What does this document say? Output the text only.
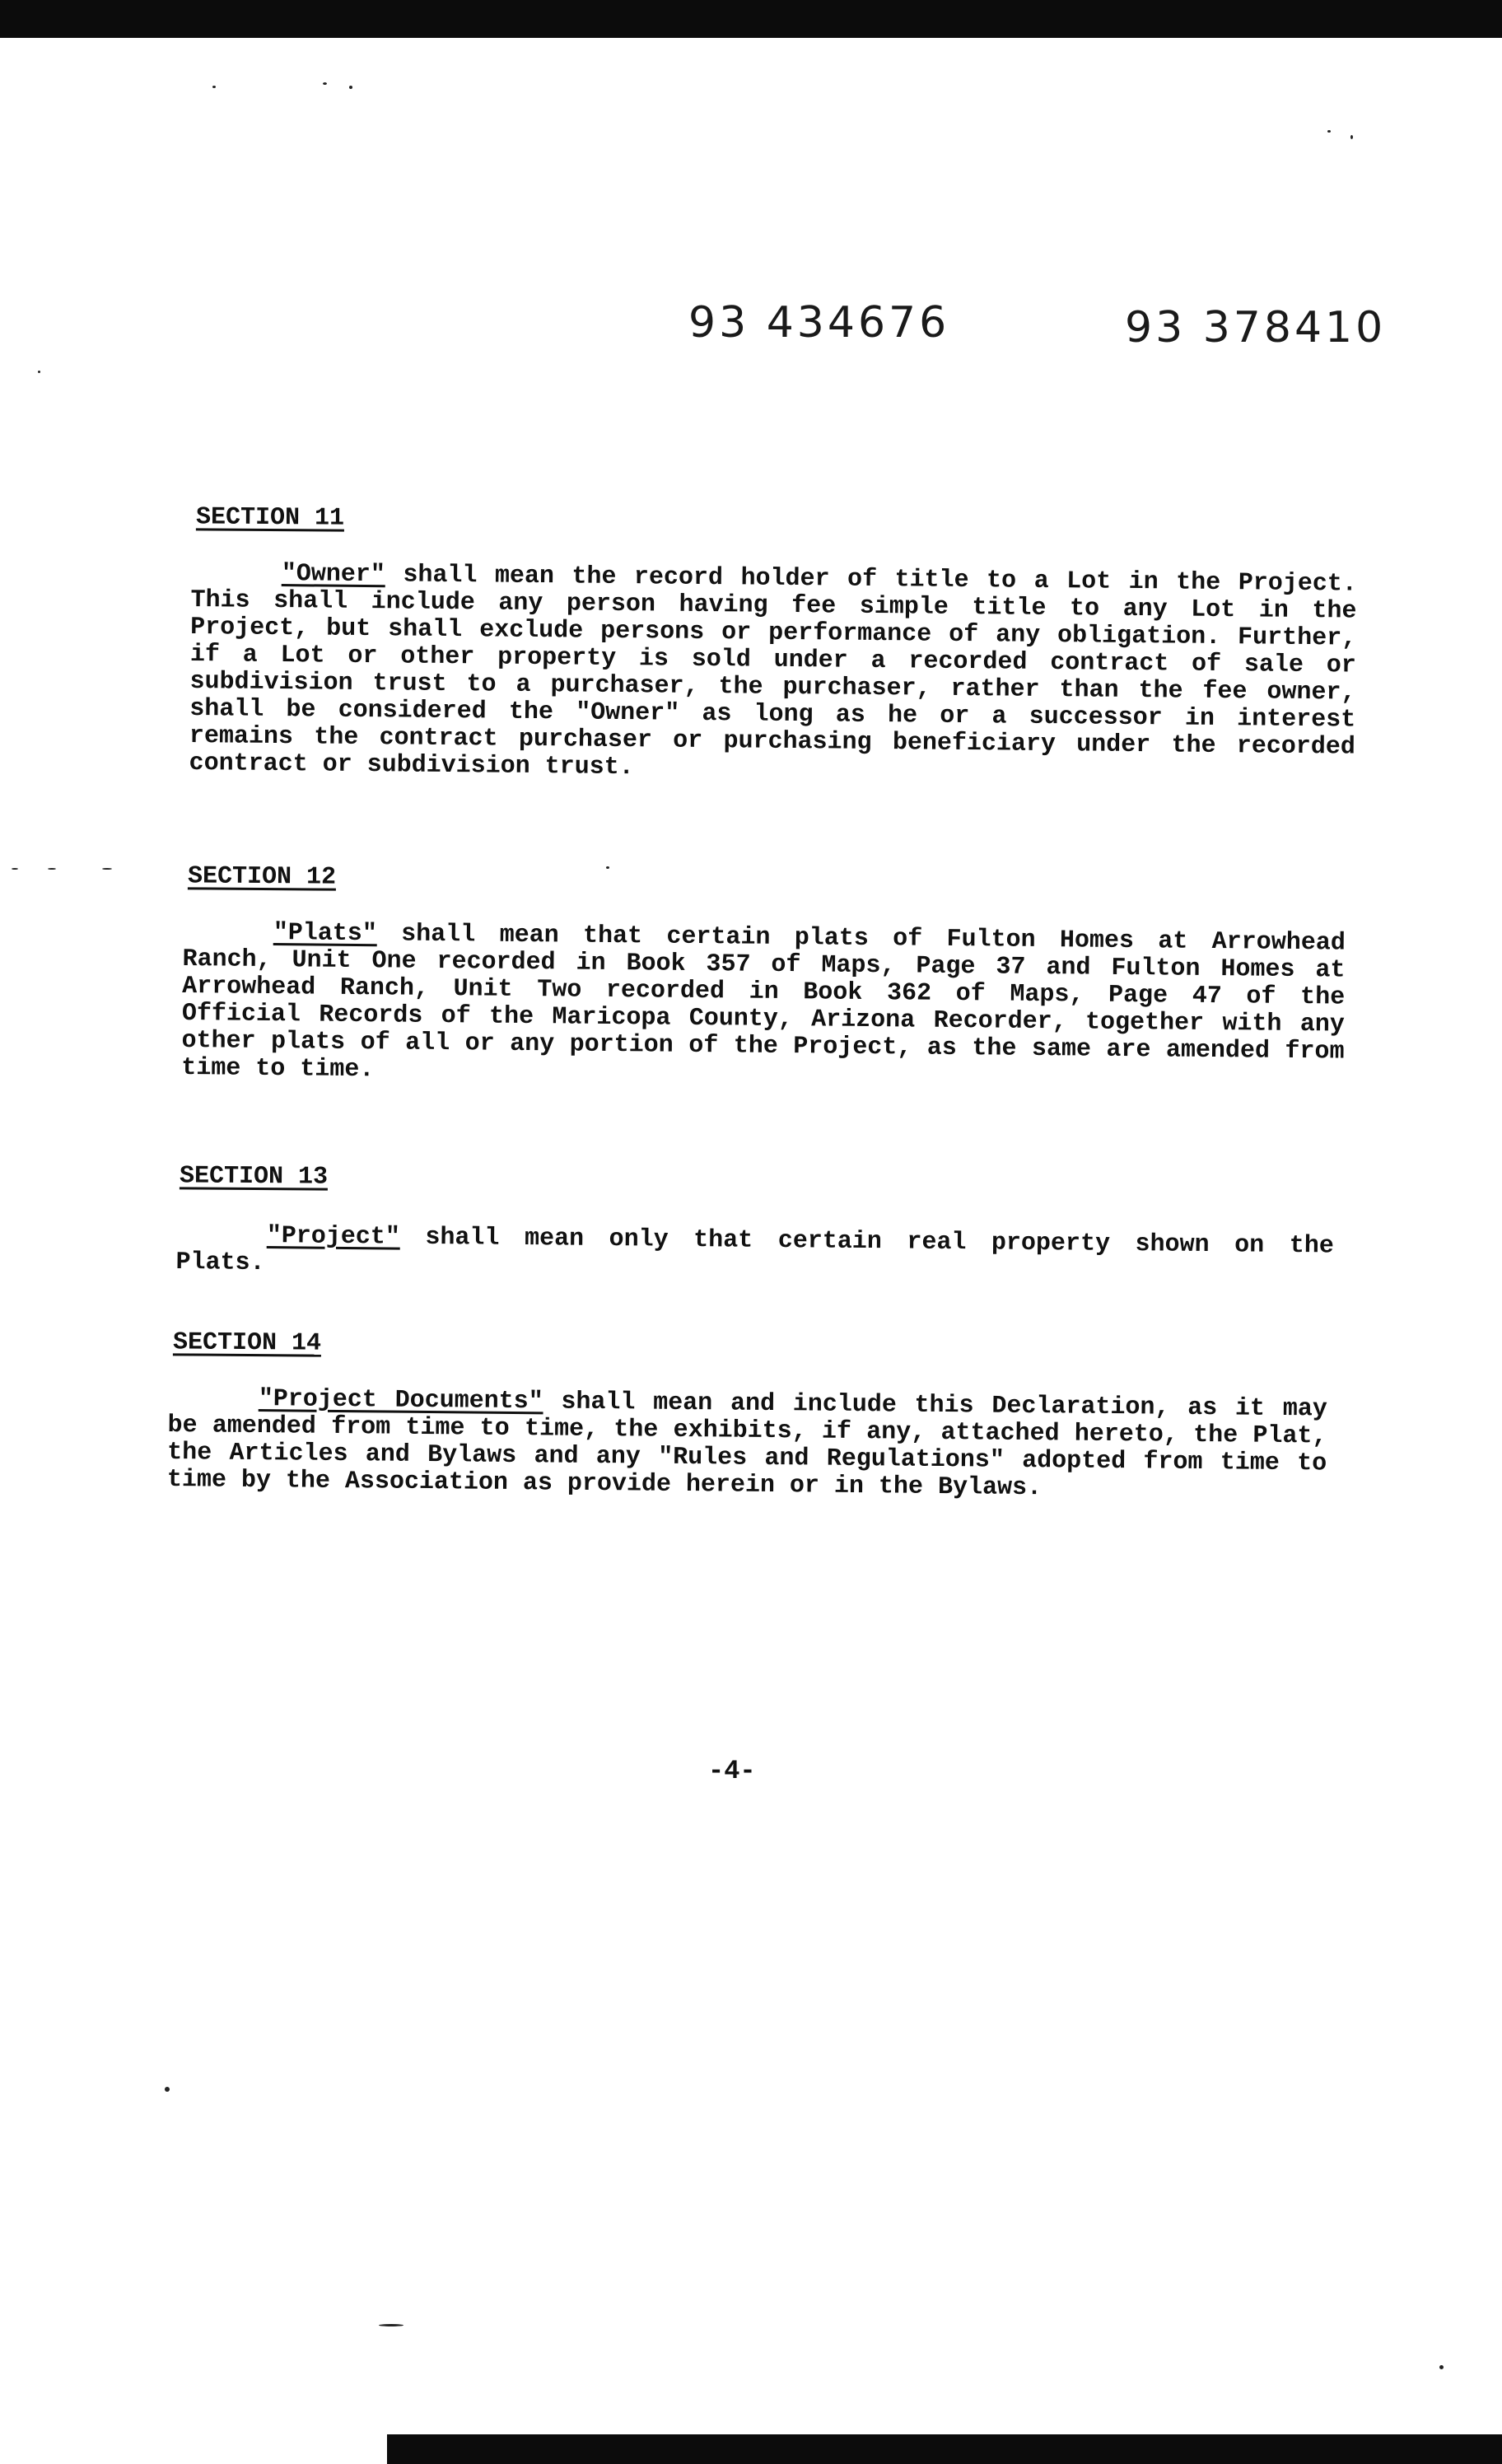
93 434676	93 378410
SECTION 11

"Owner" shall mean the record holder of title to a Lot in the Project. This shall include any person having fee simple title to any Lot in the Project, but shall exclude persons or performance of any obligation. Further, if a Lot or other property is sold under a recorded contract of sale or subdivision trust to a purchaser, the purchaser, rather than the fee owner, shall be considered the "Owner" as long as he or a successor in interest remains the contract purchaser or purchasing beneficiary under the recorded contract or subdivision trust.

SECTION 12

"Plats" shall mean that certain plats of Fulton Homes at Arrowhead Ranch, Unit One recorded in Book 357 of Maps, Page 37 and Fulton Homes at Arrowhead Ranch, Unit Two recorded in Book 362 of Maps, Page 47 of the Official Records of the Maricopa County, Arizona Recorder, together with any other plats of all or any portion of the Project, as the same are amended from time to time.

SECTION 13

"Project" shall mean only that certain real property shown on the Plats.

SECTION 14

"Project Documents" shall mean and include this Declaration, as it may be amended from time to time, the exhibits, if any, attached hereto, the Plat, the Articles and Bylaws and any "Rules and Regulations" adopted from time to time by the Association as provide herein or in the Bylaws.

-4-
